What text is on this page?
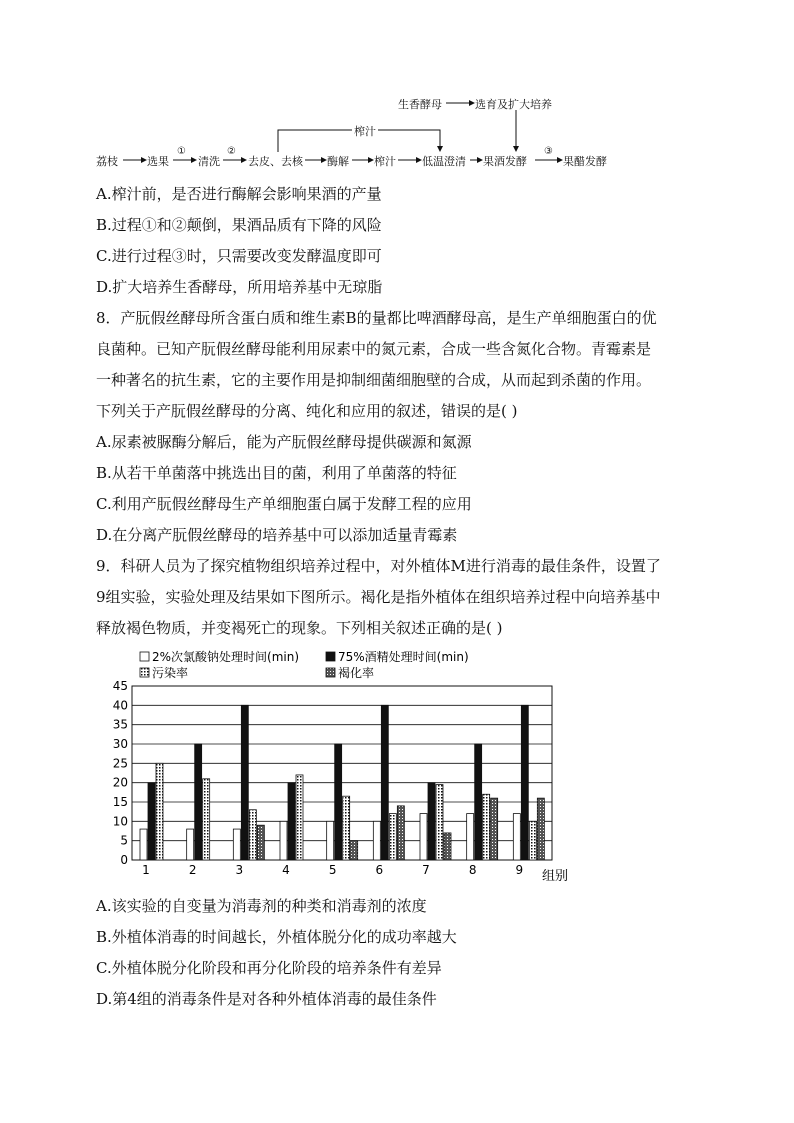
荔枝	选果	清洗	去皮、去核 酶解 榨汁 低温澄清 果酒发酵	果醋发酵
①	②	③
榨汁
生香酵母	选育及扩大培养
A.榨汁前，是否进行酶解会影响果酒的产量
B.过程①和②颠倒，果酒品质有下降的风险
C.进行过程③时，只需要改变发酵温度即可
D.扩大培养生香酵母，所用培养基中无琼脂
8．产朊假丝酵母所含蛋白质和维生素B的量都比啤酒酵母高，是生产单细胞蛋白的优
良菌种。已知产朊假丝酵母能利用尿素中的氮元素，合成一些含氮化合物。青霉素是
一种著名的抗生素，它的主要作用是抑制细菌细胞壁的合成，从而起到杀菌的作用。
下列关于产朊假丝酵母的分离、纯化和应用的叙述，错误的是( )
A.尿素被脲酶分解后，能为产朊假丝酵母提供碳源和氮源
B.从若干单菌落中挑选出目的菌，利用了单菌落的特征
C.利用产朊假丝酵母生产单细胞蛋白属于发酵工程的应用
D.在分离产朊假丝酵母的培养基中可以添加适量青霉素
9．科研人员为了探究植物组织培养过程中，对外植体M进行消毒的最佳条件，设置了
9组实验，实验处理及结果如下图所示。褐化是指外植体在组织培养过程中向培养基中
释放褐色物质，并变褐死亡的现象。下列相关叙述正确的是( )
2%次氯酸钠处理时间(min)	75%酒精处理时间(min)
污染率	褐化率
0
5
10
15
20
25
30
35
40
45
1	2	3	4	5	6	7	8	9 组别
A.该实验的自变量为消毒剂的种类和消毒剂的浓度
B.外植体消毒的时间越长，外植体脱分化的成功率越大
C.外植体脱分化阶段和再分化阶段的培养条件有差异
D.第4组的消毒条件是对各种外植体消毒的最佳条件
